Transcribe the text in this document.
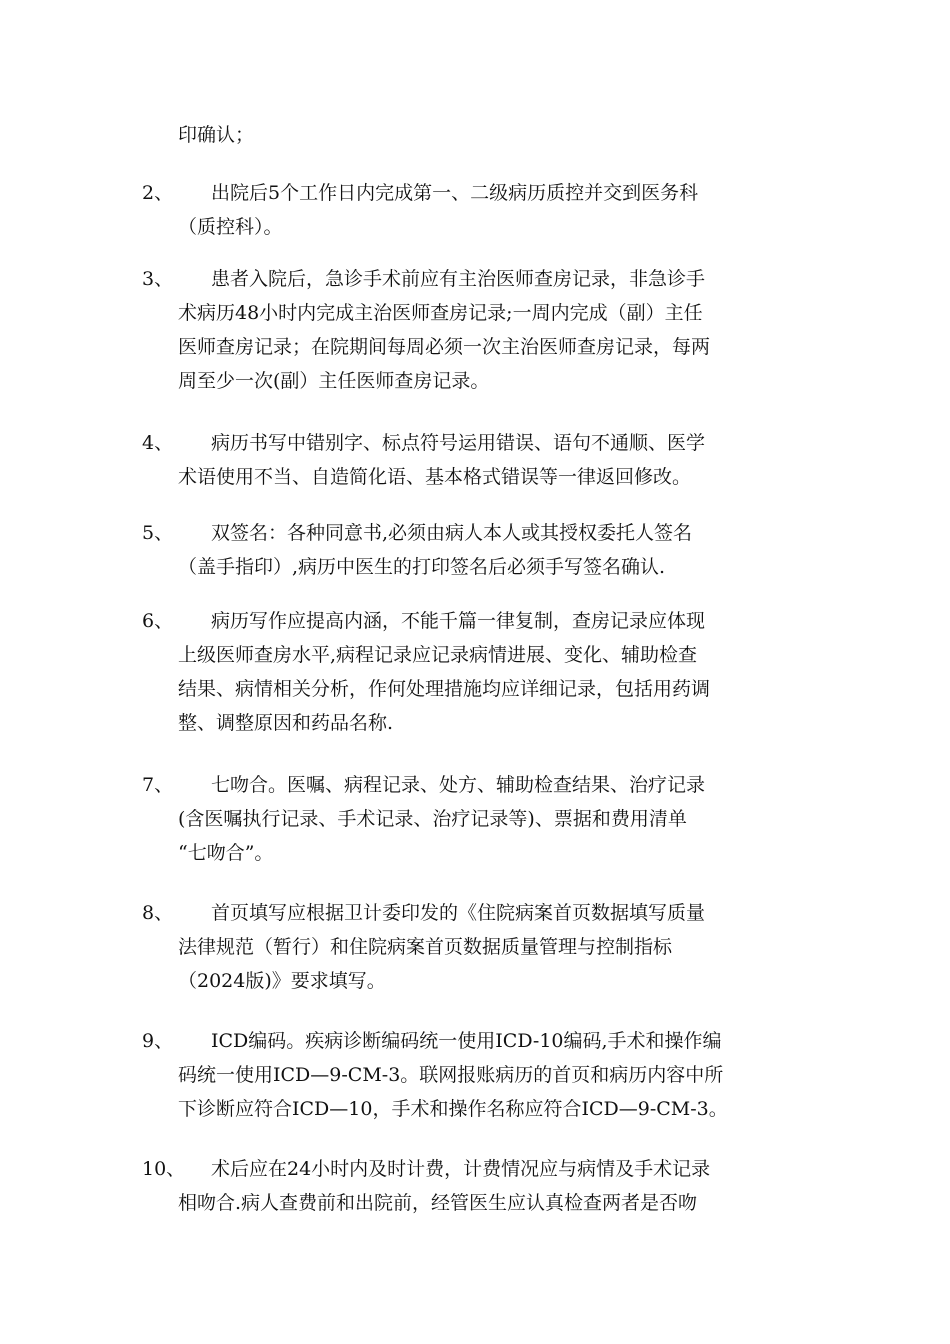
印确认；
2、	出院后5个工作日内完成第一、二级病历质控并交到医务科
（质控科）。
3、	患者入院后，急诊手术前应有主治医师查房记录，非急诊手
术病历48小时内完成主治医师查房记录;一周内完成（副）主任
医师查房记录；在院期间每周必须一次主治医师查房记录，每两
周至少一次(副）主任医师查房记录。
4、	病历书写中错别字、标点符号运用错误、语句不通顺、医学
术语使用不当、自造简化语、基本格式错误等一律返回修改。
5、	双签名：各种同意书,必须由病人本人或其授权委托人签名
（盖手指印）,病历中医生的打印签名后必须手写签名确认.
6、	病历写作应提高内涵，不能千篇一律复制，查房记录应体现
上级医师查房水平,病程记录应记录病情进展、变化、辅助检查
结果、病情相关分析，作何处理措施均应详细记录，包括用药调
整、调整原因和药品名称.
7、	七吻合。医嘱、病程记录、处方、辅助检查结果、治疗记录
(含医嘱执行记录、手术记录、治疗记录等)、票据和费用清单
“七吻合”。
8、	首页填写应根据卫计委印发的《住院病案首页数据填写质量
法律规范（暂行）和住院病案首页数据质量管理与控制指标
（2024版)》要求填写。
9、	ICD编码。疾病诊断编码统一使用ICD-10编码,手术和操作编
码统一使用ICD—9-CM-3。联网报账病历的首页和病历内容中所
下诊断应符合ICD—10，手术和操作名称应符合ICD—9-CM-3。
10、	术后应在24小时内及时计费，计费情况应与病情及手术记录
相吻合.病人查费前和出院前，经管医生应认真检查两者是否吻
